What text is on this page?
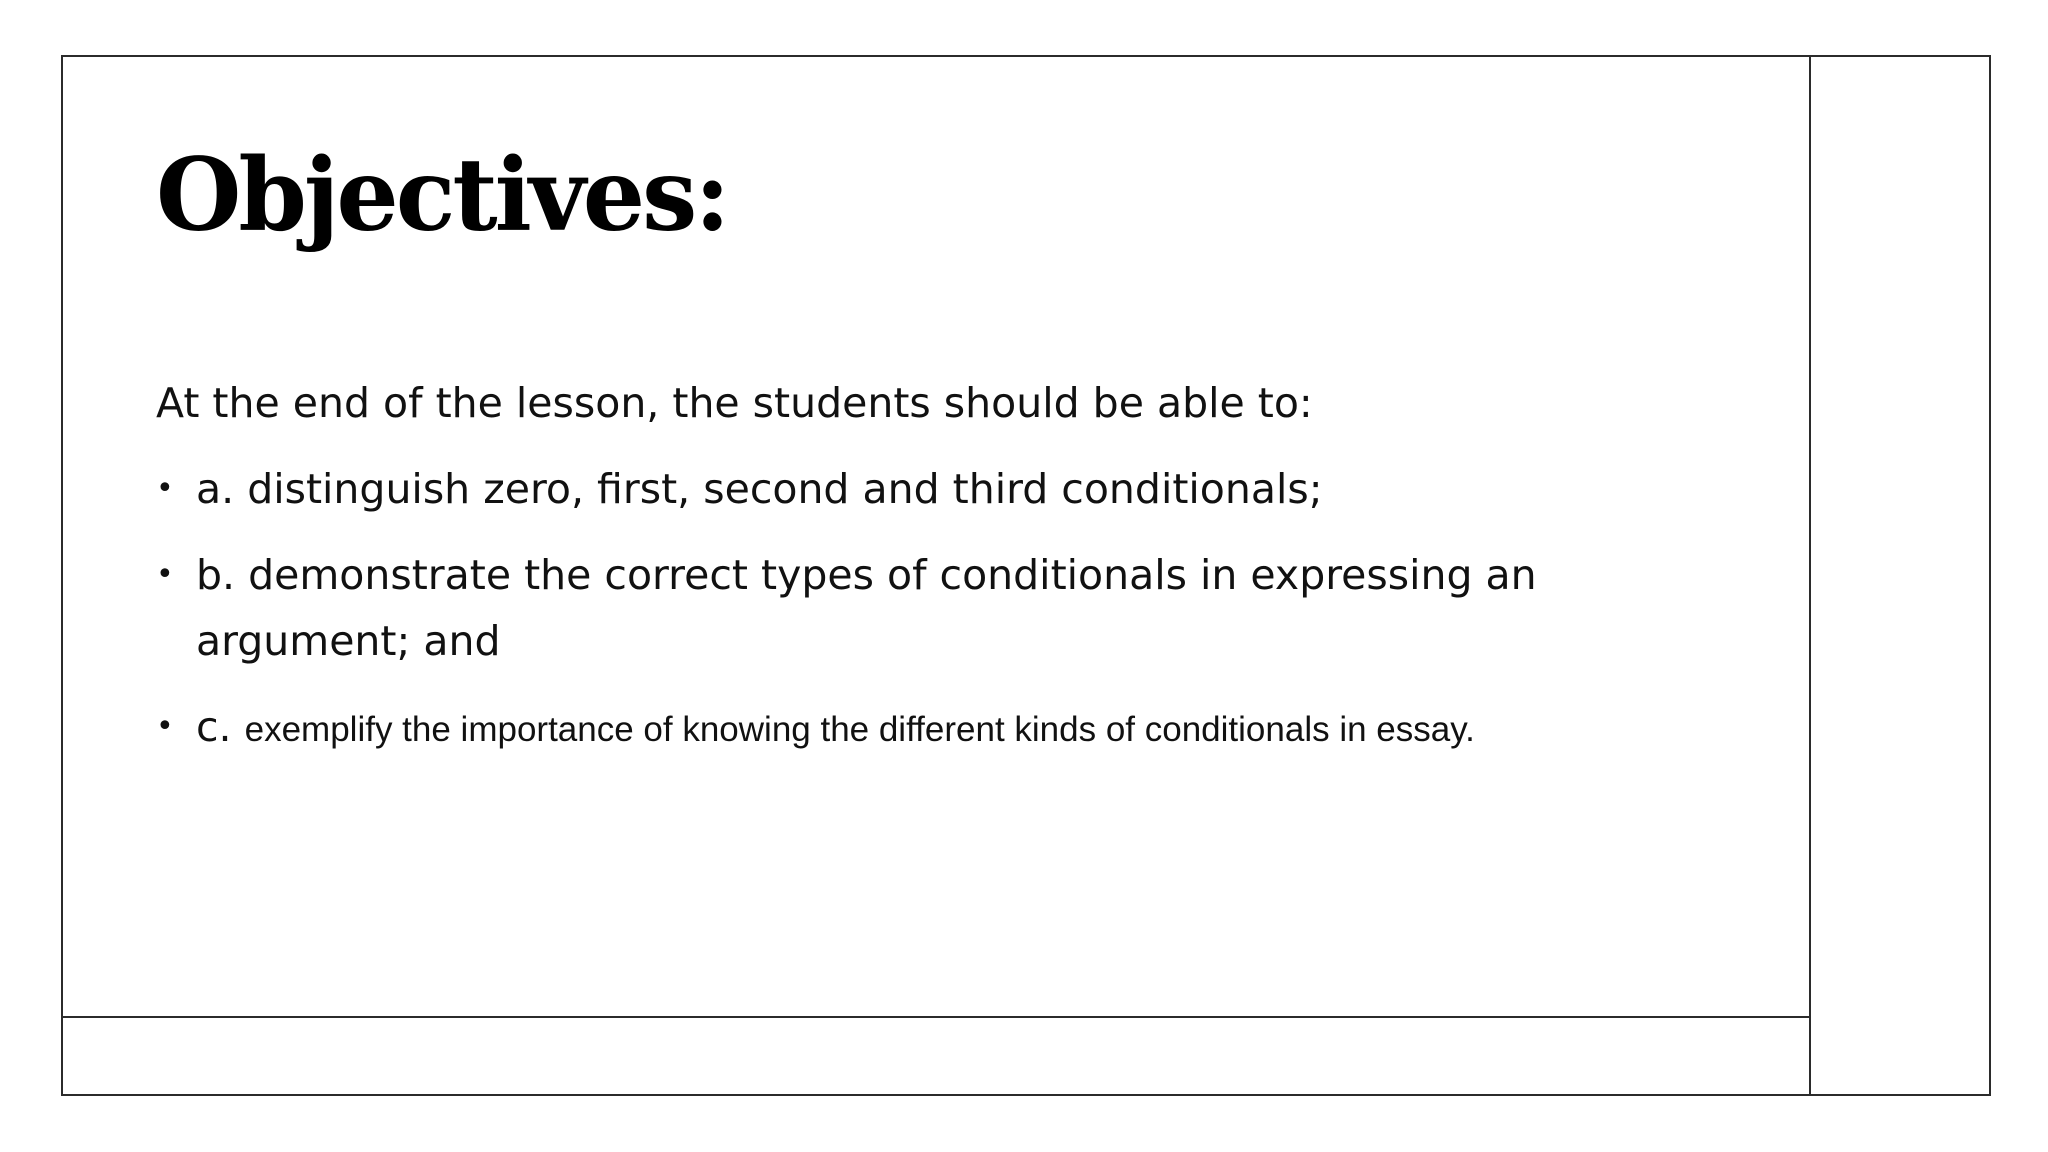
Objectives:

At the end of the lesson, the students should be able to:

• a. distinguish zero, first, second and third conditionals;
• b. demonstrate the correct types of conditionals in expressing an argument; and
• c. exemplify the importance of knowing the different kinds of conditionals in essay.
